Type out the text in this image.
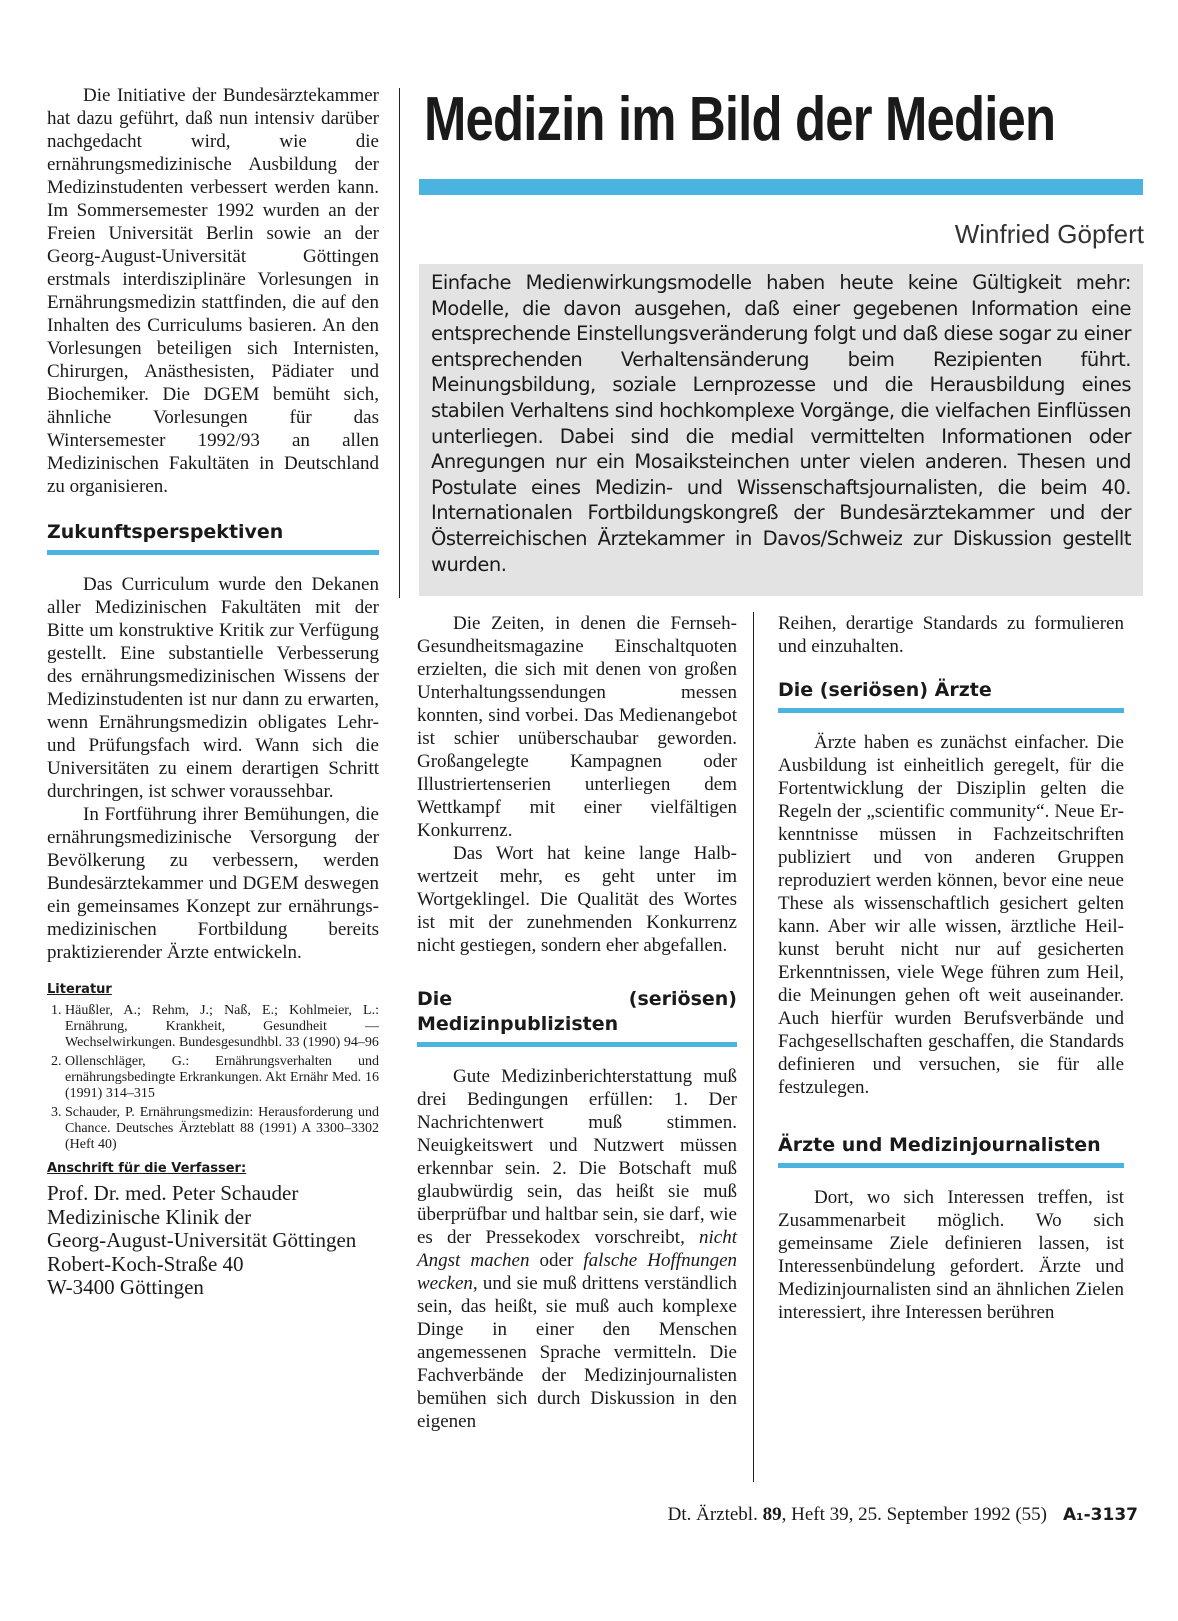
Medizin im Bild der Medien
Winfried Göpfert
Einfache Medienwirkungsmodelle haben heute keine Gültigkeit mehr: Modelle, die davon ausgehen, daß einer gegebenen Information eine entsprechende Einstellungsveränderung folgt und daß diese sogar zu einer entsprechenden Verhaltensänderung beim Rezipienten führt. Meinungsbildung, soziale Lernprozesse und die Herausbildung eines stabilen Verhaltens sind hochkomplexe Vorgänge, die vielfachen Einflüssen unterliegen. Dabei sind die medial vermittelten Informationen oder Anregungen nur ein Mosaiksteinchen unter vielen anderen. Thesen und Postulate eines Medizin- und Wissenschaftsjournalisten, die beim 40. Internationalen Fortbildungskongreß der Bundesärztekammer und der Österreichischen Ärztekammer in Davos/Schweiz zur Diskussion gestellt wurden.

Die Initiative der Bundesärztekammer hat dazu geführt, daß nun intensiv darüber nachgedacht wird, wie die ernährungsmedizinische Ausbildung der Medizinstudenten verbessert werden kann. Im Sommersemester 1992 wurden an der Freien Universität Berlin sowie an der Georg-August-Universität Göttingen erstmals interdisziplinäre Vorlesungen in Ernährungsmedizin stattfinden, die auf den Inhalten des Curriculums basieren. An den Vorlesungen beteiligen sich Internisten, Chirurgen, Anästhesisten, Pädiater und Biochemiker. Die DGEM bemüht sich, ähnliche Vorlesungen für das Wintersemester 1992/93 an allen Medizinischen Fakultäten in Deutschland zu organisieren.

Zukunftsperspektiven

Das Curriculum wurde den Dekanen aller Medizinischen Fakultäten mit der Bitte um konstruktive Kritik zur Verfügung gestellt. Eine substantielle Verbesserung des ernährungsmedizinischen Wissens der Medizinstudenten ist nur dann zu erwarten, wenn Ernährungsmedizin obligates Lehr- und Prüfungsfach wird. Wann sich die Universitäten zu einem derartigen Schritt durchringen, ist schwer voraussehbar.

In Fortführung ihrer Bemühungen, die ernährungsmedizinische Versorgung der Bevölkerung zu verbessern, werden Bundesärztekammer und DGEM deswegen ein gemeinsames Konzept zur ernährungsmedizinischen Fortbildung bereits praktizierender Ärzte entwickeln.

Literatur
1. Häußler, A.; Rehm, J.; Naß, E.; Kohlmeier, L.: Ernährung, Krankheit, Gesundheit — Wechselwirkungen. Bundesgesundhbl. 33 (1990) 94–96
2. Ollenschläger, G.: Ernährungsverhalten und ernährungsbedingte Erkrankungen. Akt Ernähr Med. 16 (1991) 314–315
3. Schauder, P. Ernährungsmedizin: Herausforderung und Chance. Deutsches Ärzteblatt 88 (1991) A 3300–3302 (Heft 40)
Anschrift für die Verfasser:
Prof. Dr. med. Peter Schauder
Medizinische Klinik der
Georg-August-Universität Göttingen
Robert-Koch-Straße 40
W-3400 Göttingen

Die Zeiten, in denen die Fernseh-Gesundheitsmagazine Einschaltquoten erzielten, die sich mit denen von großen Unterhaltungssendungen messen konnten, sind vorbei. Das Medienangebot ist schier unüberschaubar geworden. Großangelegte Kampagnen oder Illustriertenserien unterliegen dem Wettkampf mit einer vielfältigen Konkurrenz.

Das Wort hat keine lange Halbwertzeit mehr, es geht unter im Wortgeklingel. Die Qualität des Wortes ist mit der zunehmenden Konkurrenz nicht gestiegen, sondern eher abgefallen.

Die (seriösen) Medizinpublizisten

Gute Medizinberichterstattung muß drei Bedingungen erfüllen: 1. Der Nachrichtenwert muß stimmen. Neuigkeitswert und Nutzwert müssen erkennbar sein. 2. Die Botschaft muß glaubwürdig sein, das heißt sie muß überprüfbar und haltbar sein, sie darf, wie es der Pressekodex vorschreibt, nicht Angst machen oder falsche Hoffnungen wecken, und sie muß drittens verständlich sein, das heißt, sie muß auch komplexe Dinge in einer den Menschen angemessenen Sprache vermitteln. Die Fachverbände der Medizinjournalisten bemühen sich durch Diskussion in den eigenen

Reihen, derartige Standards zu formulieren und einzuhalten.

Die (seriösen) Ärzte

Ärzte haben es zunächst einfacher. Die Ausbildung ist einheitlich geregelt, für die Fortentwicklung der Disziplin gelten die Regeln der „scientific community“. Neue Erkenntnisse müssen in Fachzeitschriften publiziert und von anderen Gruppen reproduziert werden können, bevor eine neue These als wissenschaftlich gesichert gelten kann. Aber wir alle wissen, ärztliche Heilkunst beruht nicht nur auf gesicherten Erkenntnissen, viele Wege führen zum Heil, die Meinungen gehen oft weit auseinander. Auch hierfür wurden Berufsverbände und Fachgesellschaften geschaffen, die Standards definieren und versuchen, sie für alle festzulegen.

Ärzte und Medizinjournalisten

Dort, wo sich Interessen treffen, ist Zusammenarbeit möglich. Wo sich gemeinsame Ziele definieren lassen, ist Interessenbündelung gefordert. Ärzte und Medizinjournalisten sind an ähnlichen Zielen interessiert, ihre Interessen berühren

Dt. Ärztebl. 89, Heft 39, 25. September 1992 (55) A₁-3137
